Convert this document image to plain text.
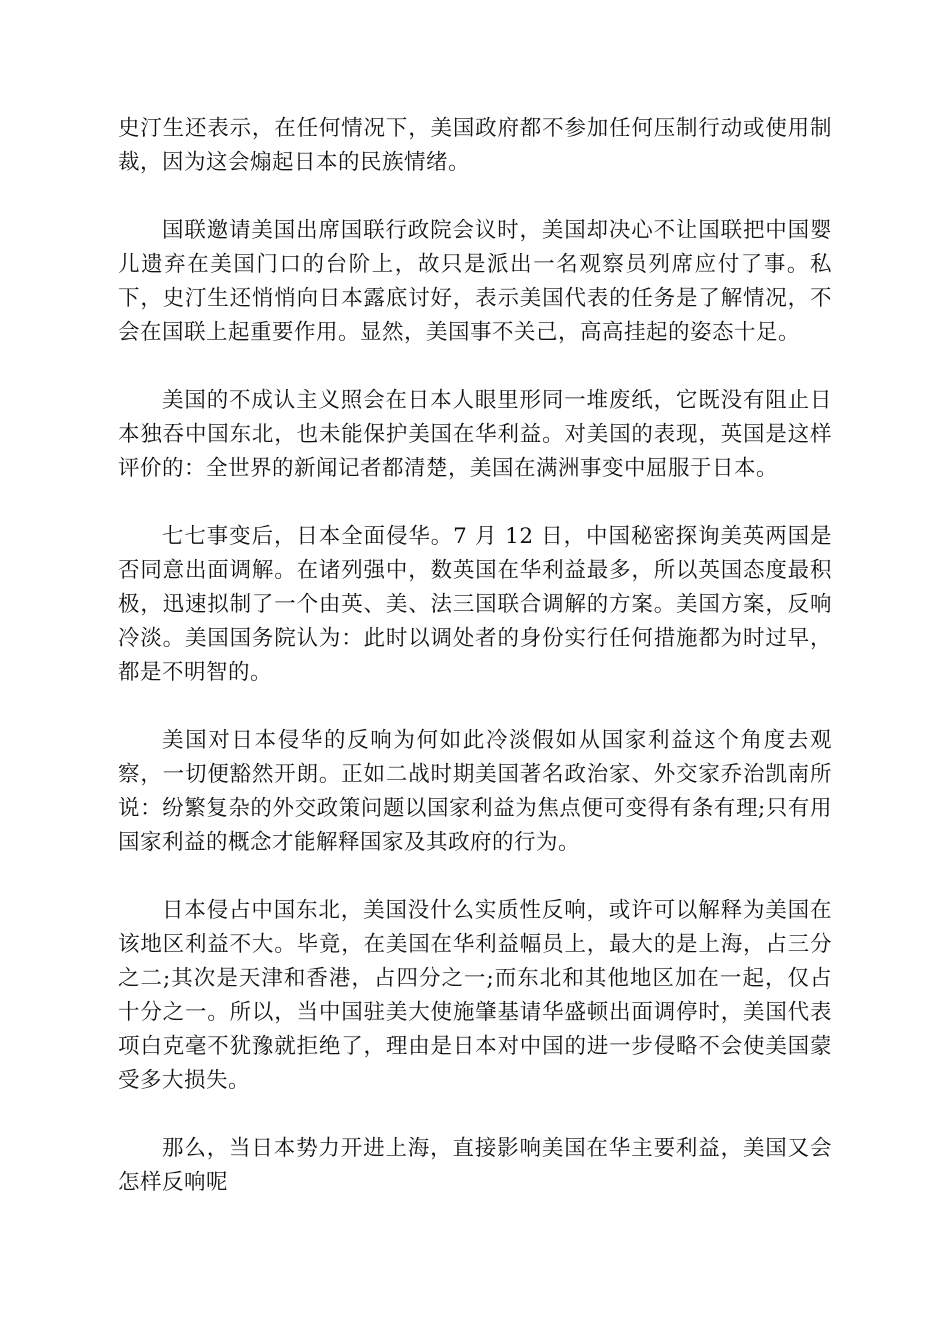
史汀生还表示，在任何情况下，美国政府都不参加任何压制行动或使用制裁，因为这会煽起日本的民族情绪。

国联邀请美国出席国联行政院会议时，美国却决心不让国联把中国婴儿遗弃在美国门口的台阶上，故只是派出一名观察员列席应付了事。私下，史汀生还悄悄向日本露底讨好，表示美国代表的任务是了解情况，不会在国联上起重要作用。显然，美国事不关己，高高挂起的姿态十足。

美国的不成认主义照会在日本人眼里形同一堆废纸，它既没有阻止日本独吞中国东北，也未能保护美国在华利益。对美国的表现，英国是这样评价的：全世界的新闻记者都清楚，美国在满洲事变中屈服于日本。

七七事变后，日本全面侵华。7 月 12 日，中国秘密探询美英两国是否同意出面调解。在诸列强中，数英国在华利益最多，所以英国态度最积极，迅速拟制了一个由英、美、法三国联合调解的方案。美国方案，反响冷淡。美国国务院认为：此时以调处者的身份实行任何措施都为时过早，都是不明智的。

美国对日本侵华的反响为何如此冷淡假如从国家利益这个角度去观察，一切便豁然开朗。正如二战时期美国著名政治家、外交家乔治凯南所说：纷繁复杂的外交政策问题以国家利益为焦点便可变得有条有理;只有用国家利益的概念才能解释国家及其政府的行为。

日本侵占中国东北，美国没什么实质性反响，或许可以解释为美国在该地区利益不大。毕竟，在美国在华利益幅员上，最大的是上海，占三分之二;其次是天津和香港，占四分之一;而东北和其他地区加在一起，仅占十分之一。所以，当中国驻美大使施肇基请华盛顿出面调停时，美国代表项白克毫不犹豫就拒绝了，理由是日本对中国的进一步侵略不会使美国蒙受多大损失。

那么，当日本势力开进上海，直接影响美国在华主要利益，美国又会怎样反响呢
